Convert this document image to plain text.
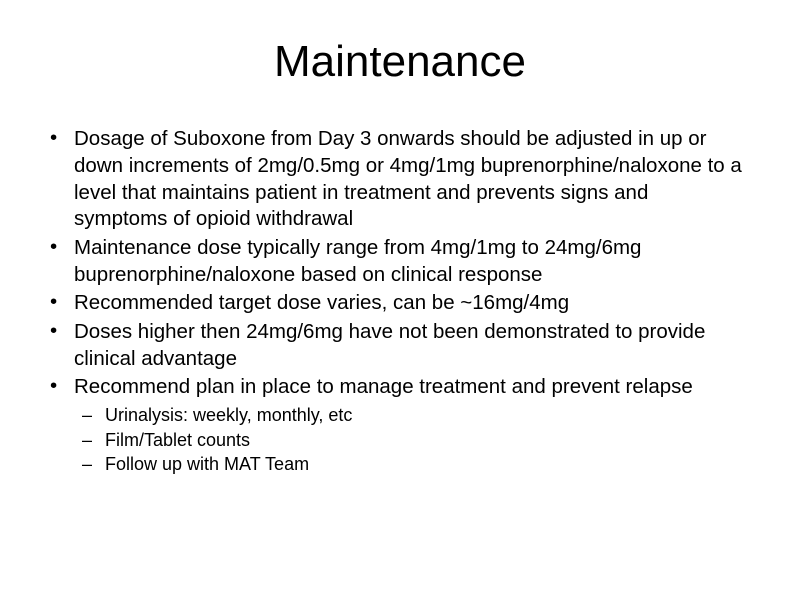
Maintenance
• Dosage of Suboxone from Day 3 onwards should be adjusted in up or down increments of 2mg/0.5mg or 4mg/1mg buprenorphine/naloxone to a level that maintains patient in treatment and prevents signs and symptoms of opioid withdrawal
• Maintenance dose typically range from 4mg/1mg to 24mg/6mg buprenorphine/naloxone based on clinical response
• Recommended target dose varies, can be ~16mg/4mg
• Doses higher then 24mg/6mg have not been demonstrated to provide clinical advantage
• Recommend plan in place to manage treatment and prevent relapse
– Urinalysis: weekly, monthly, etc
– Film/Tablet counts
– Follow up with MAT Team
